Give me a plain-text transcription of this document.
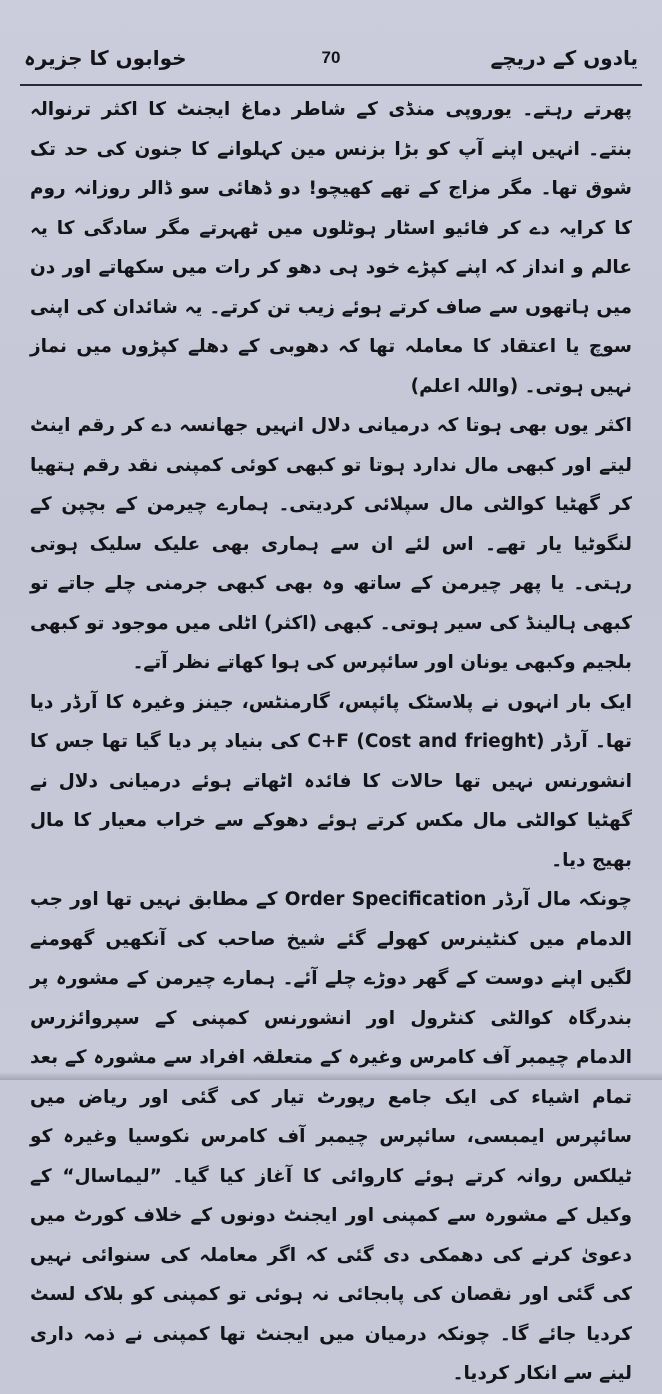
خوابوں کا جزیرہ	70	یادوں کے دریچے

پھرتے رہتے۔ یوروپی منڈی کے شاطر دماغ ایجنٹ کا اکثر ترنوالہ بنتے۔ انہیں اپنے آپ کو بڑا بزنس مین کہلوانے کا جنون کی حد تک شوق تھا۔ مگر مزاج کے تھے کھیچو! دو ڈھائی سو ڈالر روزانہ روم کا کرایہ دے کر فائیو اسٹار ہوٹلوں میں ٹھہرتے مگر سادگی کا یہ عالم و انداز کہ اپنے کپڑے خود ہی دھو کر رات میں سکھاتے اور دن میں ہاتھوں سے صاف کرتے ہوئے زیب تن کرتے۔ یہ شائدان کی اپنی سوچ یا اعتقاد کا معاملہ تھا کہ دھوبی کے دھلے کپڑوں میں نماز نہیں ہوتی۔ (واللہ اعلم)

اکثر یوں بھی ہوتا کہ درمیانی دلال انہیں جھانسہ دے کر رقم اینٹ لیتے اور کبھی مال ندارد ہوتا تو کبھی کوئی کمپنی نقد رقم ہتھیا کر گھٹیا کوالٹی مال سپلائی کردیتی۔ ہمارے چیرمن کے بچپن کے لنگوٹیا یار تھے۔ اس لئے ان سے ہماری بھی علیک سلیک ہوتی رہتی۔ یا پھر چیرمن کے ساتھ وہ بھی کبھی جرمنی چلے جاتے تو کبھی ہالینڈ کی سیر ہوتی۔ کبھی (اکثر) اٹلی میں موجود تو کبھی بلجیم وکبھی یونان اور سائپرس کی ہوا کھاتے نظر آتے۔

ایک بار انہوں نے پلاسٹک پائپس، گارمنٹس، جینز وغیرہ کا آرڈر دیا تھا۔ آرڈر C+F (Cost and frieght) کی بنیاد پر دیا گیا تھا جس کا انشورنس نہیں تھا حالات کا فائدہ اٹھاتے ہوئے درمیانی دلال نے گھٹیا کوالٹی مال مکس کرتے ہوئے دھوکے سے خراب معیار کا مال بھیج دیا۔

چونکہ مال آرڈر Order Specification کے مطابق نہیں تھا اور جب الدمام میں کنٹینرس کھولے گئے شیخ صاحب کی آنکھیں گھومنے لگیں اپنے دوست کے گھر دوڑے چلے آئے۔ ہمارے چیرمن کے مشورہ پر بندرگاہ کوالٹی کنٹرول اور انشورنس کمپنی کے سپروائزرس الدمام چیمبر آف کامرس وغیرہ کے متعلقہ افراد سے مشورہ کے بعد تمام اشیاء کی ایک جامع رپورٹ تیار کی گئی اور ریاض میں سائپرس ایمبسی، سائپرس چیمبر آف کامرس نکوسیا وغیرہ کو ٹیلکس روانہ کرتے ہوئے کاروائی کا آغاز کیا گیا۔ ”لیماسال“ کے وکیل کے مشورہ سے کمپنی اور ایجنٹ دونوں کے خلاف کورٹ میں دعویٰ کرنے کی دھمکی دی گئی کہ اگر معاملہ کی سنوائی نہیں کی گئی اور نقصان کی پابجائی نہ ہوئی تو کمپنی کو بلاک لسٹ کردیا جائے گا۔ چونکہ درمیان میں ایجنٹ تھا کمپنی نے ذمہ داری لینے سے انکار کردیا۔
